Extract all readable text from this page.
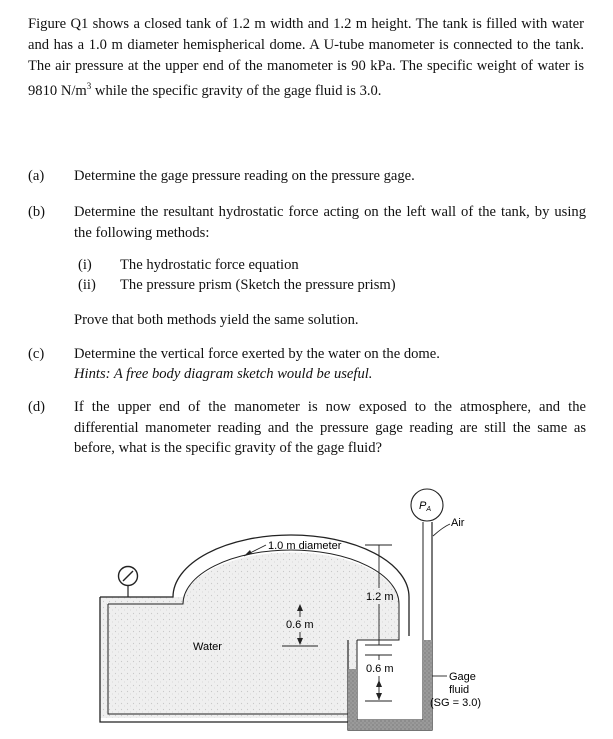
Figure Q1 shows a closed tank of 1.2 m width and 1.2 m height. The tank is filled with water and has a 1.0 m diameter hemispherical dome. A U-tube manometer is connected to the tank. The air pressure at the upper end of the manometer is 90 kPa. The specific weight of water is 9810 $N/m^3$ while the specific gravity of the gage fluid is 3.0.
(a) Determine the gage pressure reading on the pressure gage.
(b) Determine the resultant hydrostatic force acting on the left wall of the tank, by using the following methods:
(i) The hydrostatic force equation
(ii) The pressure prism (Sketch the pressure prism)
Prove that both methods yield the same solution.
(c) Determine the vertical force exerted by the water on the dome.
Hints: A free body diagram sketch would be useful.
(d) If the upper end of the manometer is now exposed to the atmosphere, and the differential manometer reading and the pressure gage reading are still the same as before, what is the specific gravity of the gage fluid?
PA
Air
1.0 m diameter
1.2 m
0.6 m
Water
0.6 m
Gage
fluid
(SG = 3.0)
